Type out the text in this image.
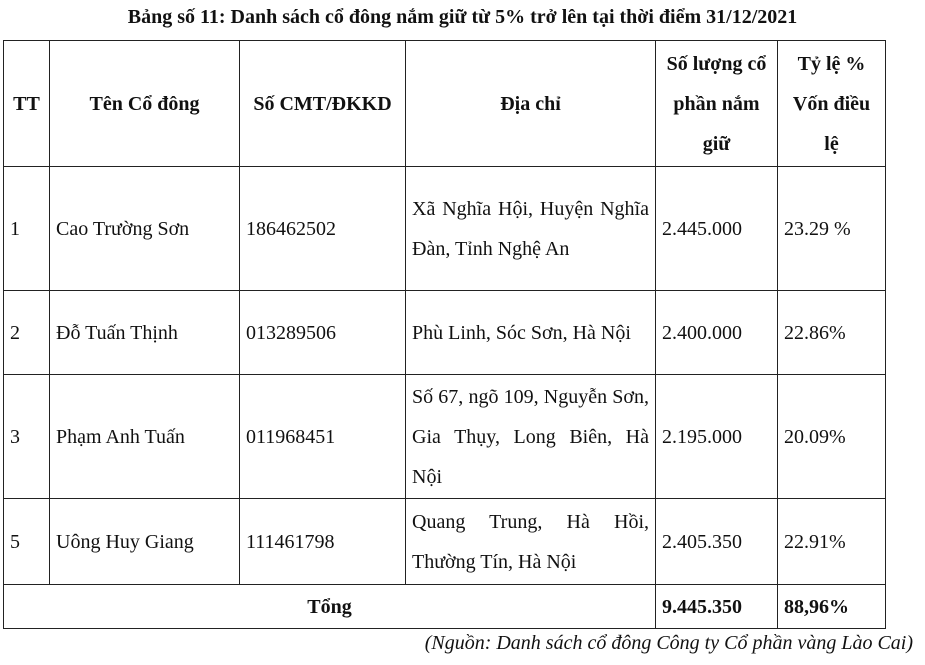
Bảng số 11: Danh sách cổ đông nắm giữ từ 5% trở lên tại thời điểm 31/12/2021
TT	Tên Cổ đông	Số CMT/ĐKKD	Địa chỉ	Số lượng cổ phần nắm giữ	Tỷ lệ % Vốn điều lệ
1	Cao Trường Sơn	186462502	Xã Nghĩa Hội, Huyện Nghĩa Đàn, Tỉnh Nghệ An	2.445.000	23.29 %
2	Đỗ Tuấn Thịnh	013289506	Phù Linh, Sóc Sơn, Hà Nội	2.400.000	22.86%
3	Phạm Anh Tuấn	011968451	Số 67, ngõ 109, Nguyễn Sơn, Gia Thụy, Long Biên, Hà Nội	2.195.000	20.09%
5	Uông Huy Giang	111461798	Quang Trung, Hà Hồi, Thường Tín, Hà Nội	2.405.350	22.91%
Tổng				9.445.350	88,96%
(Nguồn: Danh sách cổ đông Công ty Cổ phần vàng Lào Cai)
